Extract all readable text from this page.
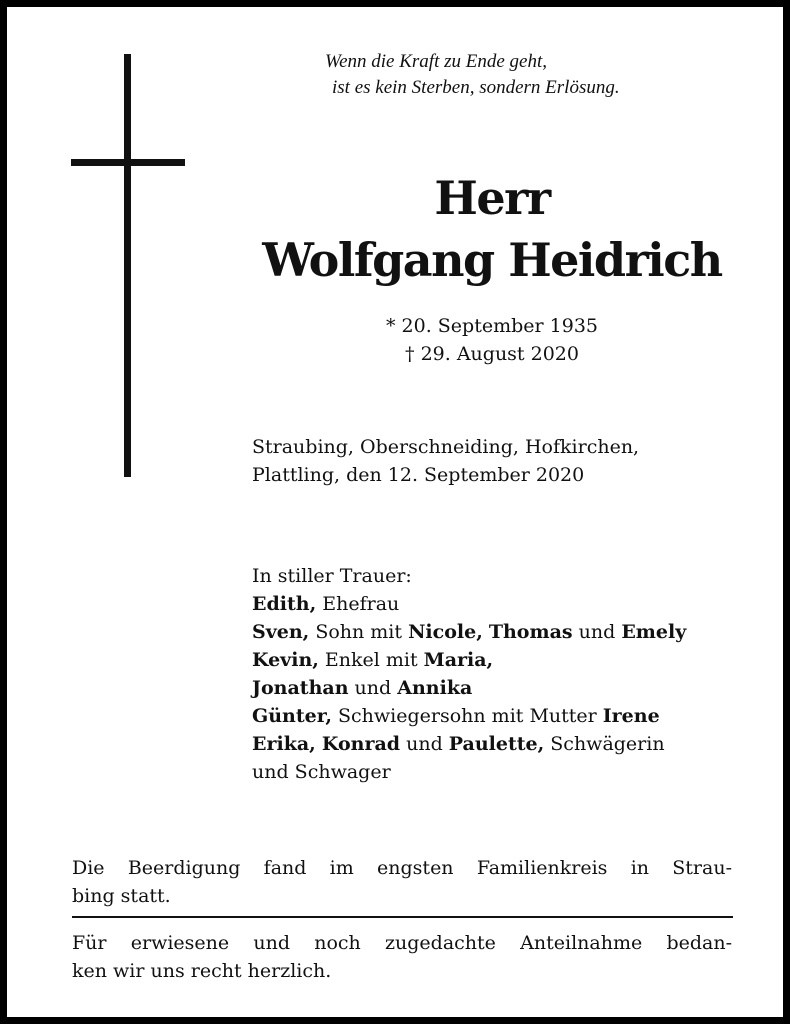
Wenn die Kraft zu Ende geht,
ist es kein Sterben, sondern Erlösung.
Herr
Wolfgang Heidrich
* 20. September 1935
† 29. August 2020
Straubing, Oberschneiding, Hofkirchen,
Plattling, den 12. September 2020
In stiller Trauer:
Edith, Ehefrau
Sven, Sohn mit Nicole, Thomas und Emely
Kevin, Enkel mit Maria,
Jonathan und Annika
Günter, Schwiegersohn mit Mutter Irene
Erika, Konrad und Paulette, Schwägerin
und Schwager
Die Beerdigung fand im engsten Familienkreis in Strau-
bing statt.
Für erwiesene und noch zugedachte Anteilnahme bedan-
ken wir uns recht herzlich.
